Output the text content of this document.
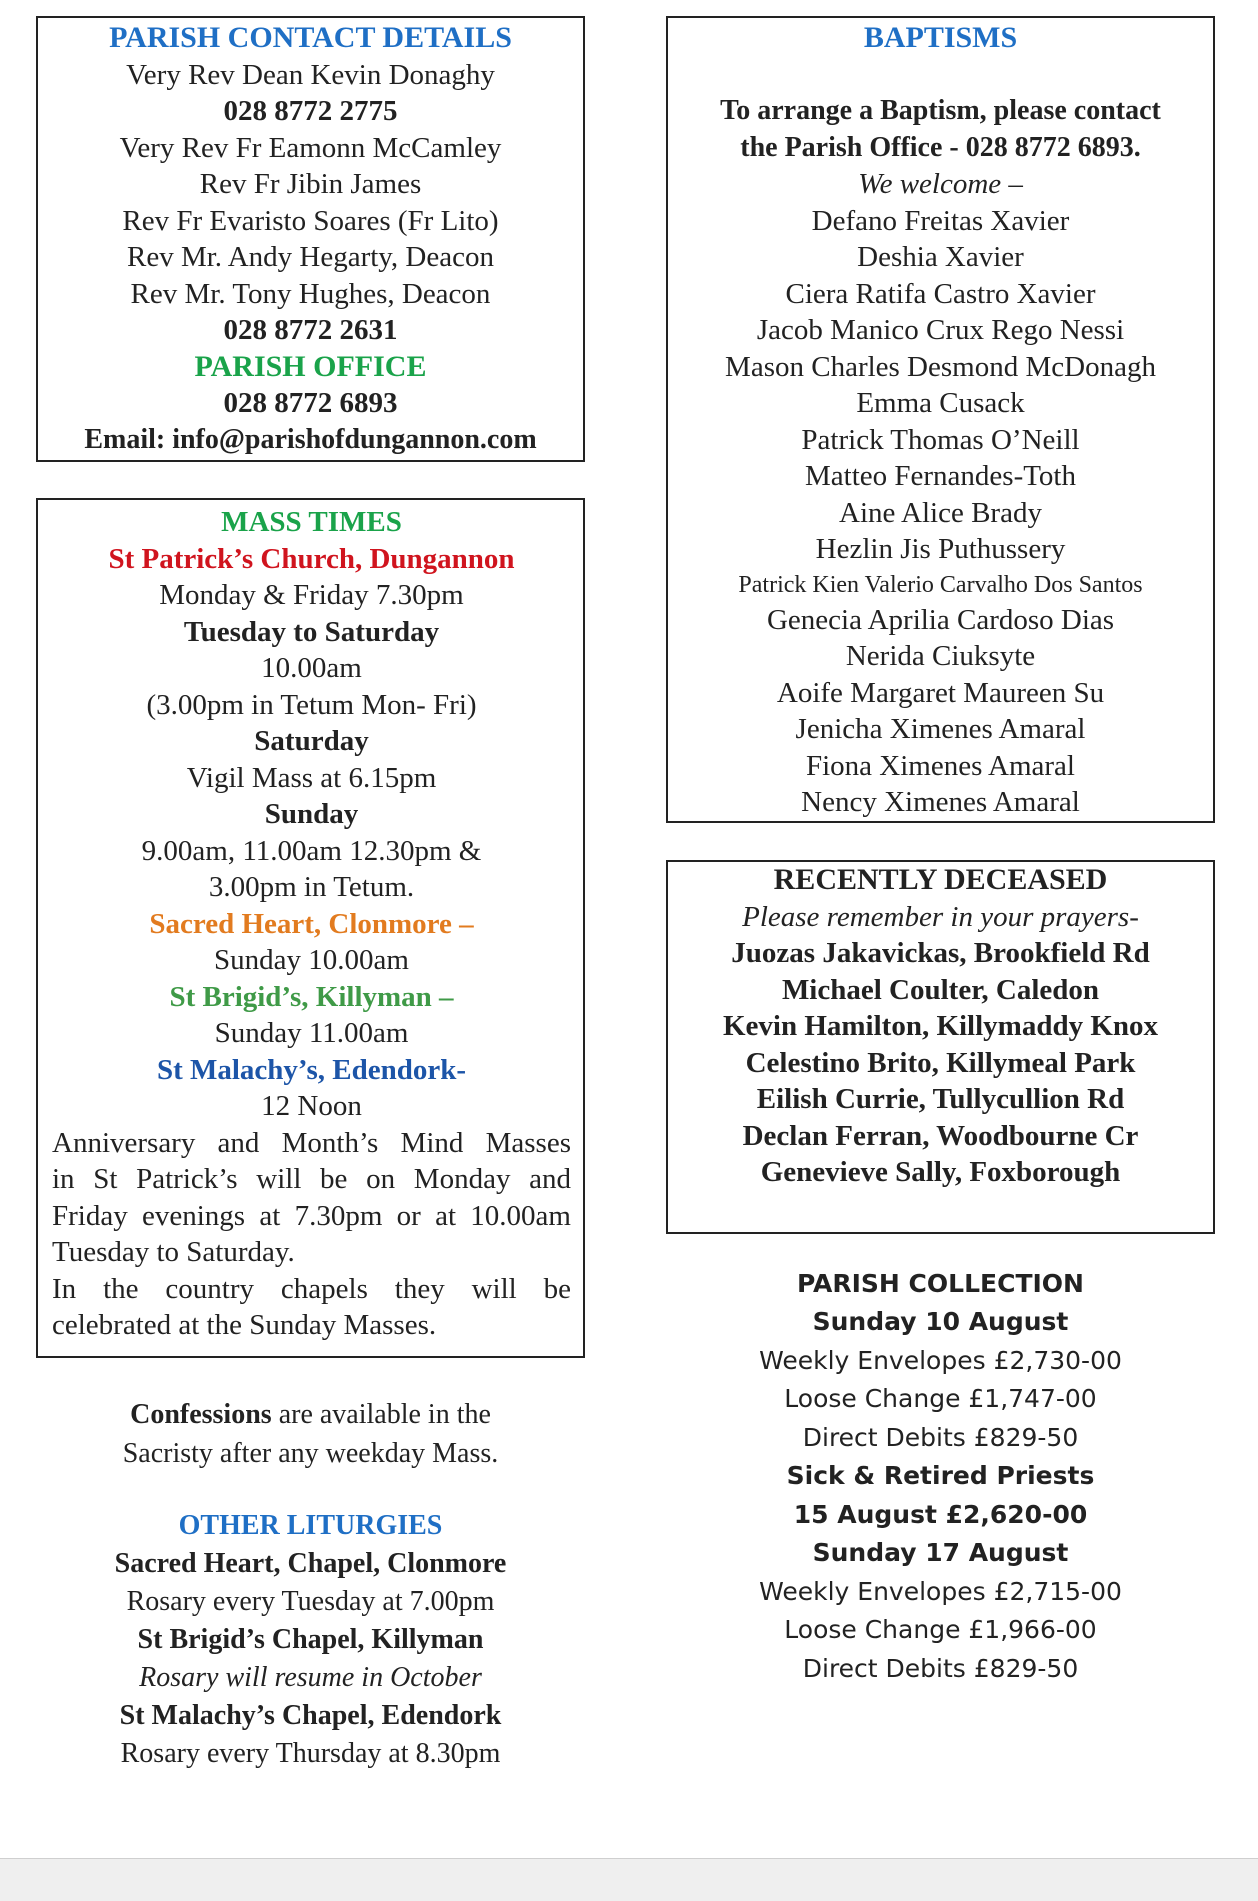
PARISH CONTACT DETAILS
Very Rev Dean Kevin Donaghy
028 8772 2775
Very Rev Fr Eamonn McCamley
Rev Fr Jibin James
Rev Fr Evaristo Soares (Fr Lito)
Rev Mr. Andy Hegarty, Deacon
Rev Mr. Tony Hughes, Deacon
028 8772 2631
PARISH OFFICE
028 8772 6893
Email: info@parishofdungannon.com
MASS TIMES
St Patrick’s Church, Dungannon
Monday & Friday 7.30pm
Tuesday to Saturday
10.00am
(3.00pm in Tetum Mon- Fri)
Saturday
Vigil Mass at 6.15pm
Sunday
9.00am, 11.00am 12.30pm &
3.00pm in Tetum.
Sacred Heart, Clonmore –
Sunday 10.00am
St Brigid’s, Killyman –
Sunday 11.00am
St Malachy’s, Edendork-
12 Noon
Anniversary and Month’s Mind Masses
in St Patrick’s will be on Monday and
Friday evenings at 7.30pm or at 10.00am
Tuesday to Saturday.
In the country chapels they will be
celebrated at the Sunday Masses.
Confessions are available in the
Sacristy after any weekday Mass.
OTHER LITURGIES
Sacred Heart, Chapel, Clonmore
Rosary every Tuesday at 7.00pm
St Brigid’s Chapel, Killyman
Rosary will resume in October
St Malachy’s Chapel, Edendork
Rosary every Thursday at 8.30pm
BAPTISMS
To arrange a Baptism, please contact
the Parish Office - 028 8772 6893.
We welcome –
Defano Freitas Xavier
Deshia Xavier
Ciera Ratifa Castro Xavier
Jacob Manico Crux Rego Nessi
Mason Charles Desmond McDonagh
Emma Cusack
Patrick Thomas O’Neill
Matteo Fernandes-Toth
Aine Alice Brady
Hezlin Jis Puthussery
Patrick Kien Valerio Carvalho Dos Santos
Genecia Aprilia Cardoso Dias
Nerida Ciuksyte
Aoife Margaret Maureen Su
Jenicha Ximenes Amaral
Fiona Ximenes Amaral
Nency Ximenes Amaral
RECENTLY DECEASED
Please remember in your prayers-
Juozas Jakavickas, Brookfield Rd
Michael Coulter, Caledon
Kevin Hamilton, Killymaddy Knox
Celestino Brito, Killymeal Park
Eilish Currie, Tullycullion Rd
Declan Ferran, Woodbourne Cr
Genevieve Sally, Foxborough
PARISH COLLECTION
Sunday 10 August
Weekly Envelopes £2,730-00
Loose Change £1,747-00
Direct Debits £829-50
Sick & Retired Priests
15 August £2,620-00
Sunday 17 August
Weekly Envelopes £2,715-00
Loose Change £1,966-00
Direct Debits £829-50
